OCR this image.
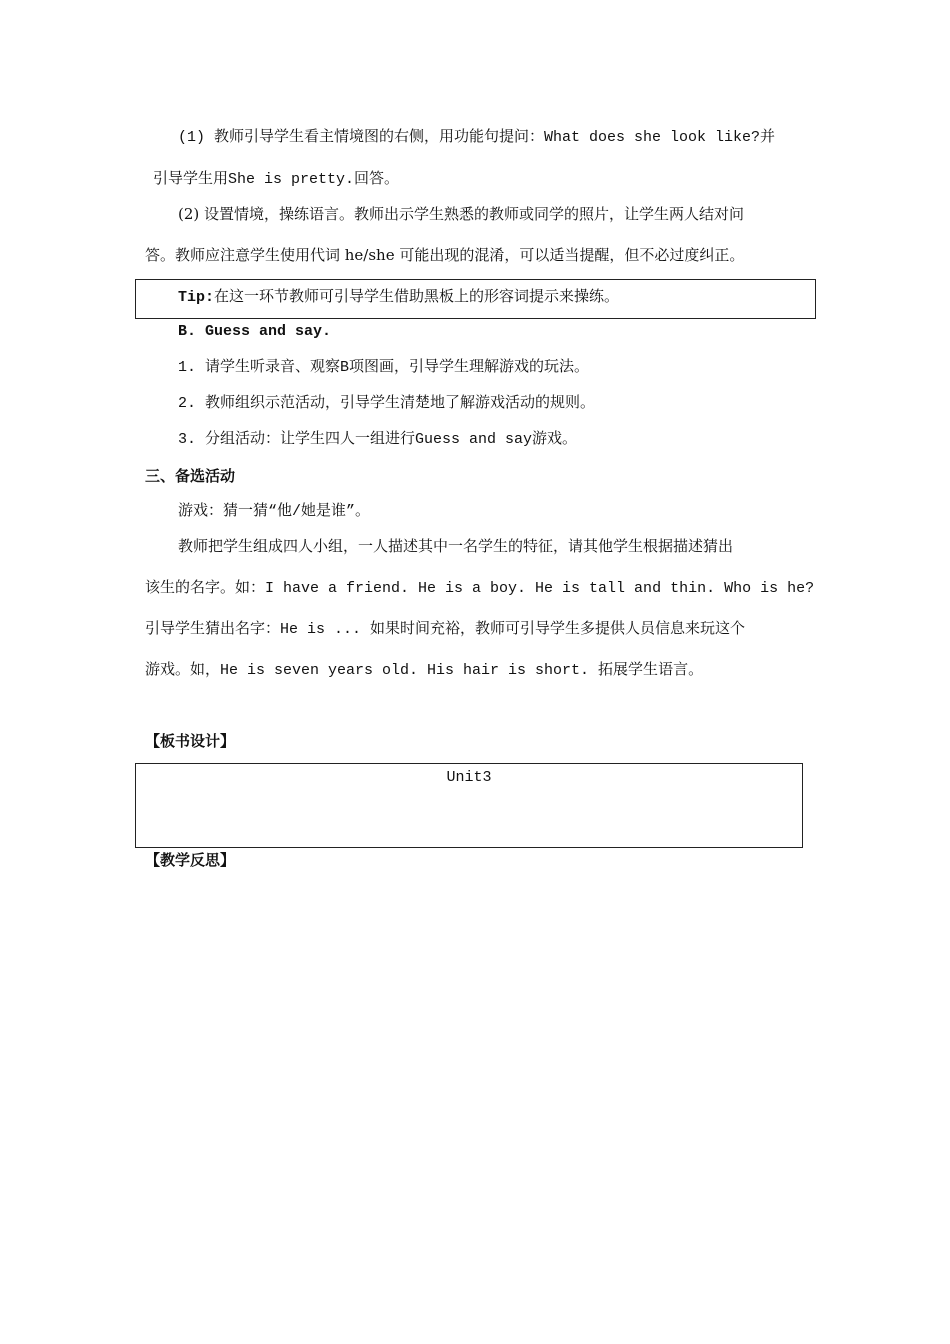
(1) 教师引导学生看主情境图的右侧，用功能句提问：What does she look like?并
引导学生用She is pretty.回答。
(2) 设置情境，操练语言。教师出示学生熟悉的教师或同学的照片，让学生两人结对问
答。教师应注意学生使用代词 he/she 可能出现的混淆，可以适当提醒，但不必过度纠正。
Tip:在这一环节教师可引导学生借助黑板上的形容词提示来操练。
B. Guess and say.
1. 请学生听录音、观察B项图画，引导学生理解游戏的玩法。
2. 教师组织示范活动，引导学生清楚地了解游戏活动的规则。
3. 分组活动：让学生四人一组进行Guess and say游戏。
三、备选活动
游戏：猜一猜“他/她是谁”。
教师把学生组成四人小组，一人描述其中一名学生的特征，请其他学生根据描述猜出
该生的名字。如：I have a friend. He is a boy. He is tall and thin. Who is he?
引导学生猜出名字：He is ... 如果时间充裕，教师可引导学生多提供人员信息来玩这个
游戏。如，He is seven years old. His hair is short. 拓展学生语言。
【板书设计】
Unit3
【教学反思】
